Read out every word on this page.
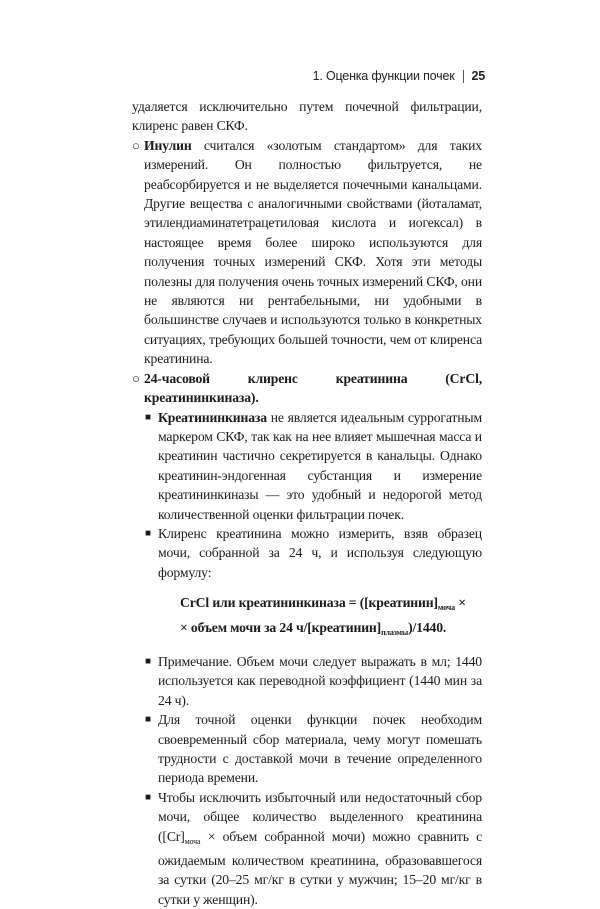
1. Оценка функции почек 25

удаляется исключительно путем почечной фильтрации, клиренс равен СКФ.

○ Инулин считался «золотым стандартом» для таких измерений. Он полностью фильтруется, не реабсорбируется и не выделяется почечными канальцами. Другие вещества с аналогичными свойствами (йоталамат, этилендиаминатетрацетиловая кислота и иогексал) в настоящее время более широко используются для получения точных измерений СКФ. Хотя эти методы полезны для получения очень точных измерений СКФ, они не являются ни рентабельными, ни удобными в большинстве случаев и используются только в конкретных ситуациях, требующих большей точности, чем от клиренса креатинина.

○ 24-часовой клиренс креатинина (CrCl, креатининкиназа).

■ Креатининкиназа не является идеальным суррогатным маркером СКФ, так как на нее влияет мышечная масса и креатинин частично секретируется в канальцы. Однако креатинин-эндогенная субстанция и измерение креатининкиназы — это удобный и недорогой метод количественной оценки фильтрации почек.

■ Клиренс креатинина можно измерить, взяв образец мочи, собранной за 24 ч, и используя следующую формулу:

CrCl или креатининкиназа = ($[креатинин]_{моча}$ ×
× объем мочи за 24 $ч/[креатинин]_{плазмы})/1440$.

■ Примечание. Объем мочи следует выражать в мл; 1440 используется как переводной коэффициент (1440 мин за 24 ч).

■ Для точной оценки функции почек необходим своевременный сбор материала, чему могут помешать трудности с доставкой мочи в течение определенного периода времени.

■ Чтобы исключить избыточный или недостаточный сбор мочи, общее количество выделенного креатинина ($[Cr]_{моча}$ × объем собранной мочи) можно сравнить с ожидаемым количеством креатинина, образовавшегося за сутки (20–25 мг/кг в сутки у мужчин; 15–20 мг/кг в сутки у женщин).
